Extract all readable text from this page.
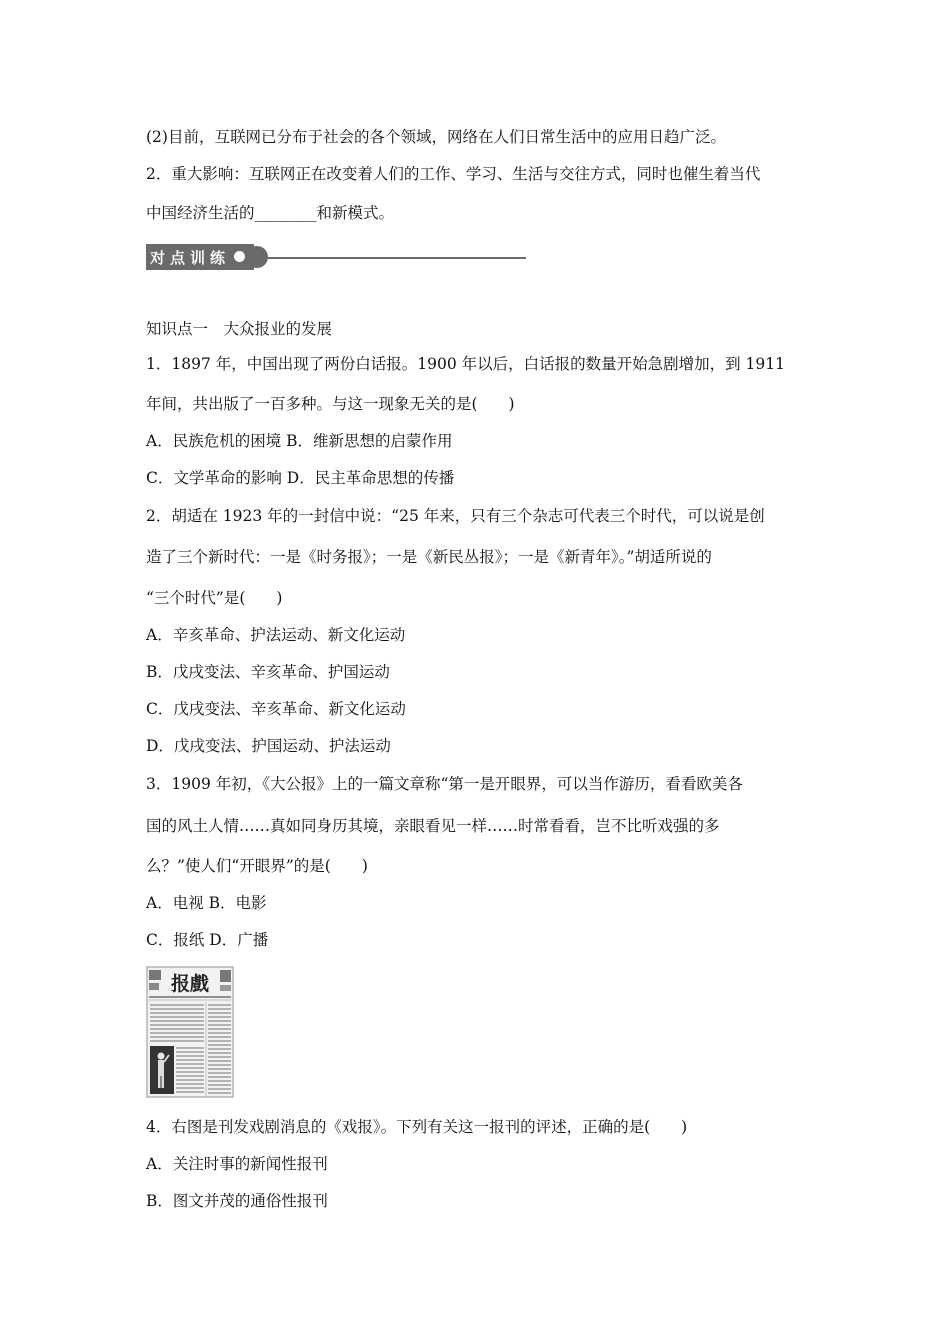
(2)目前，互联网已分布于社会的各个领域，网络在人们日常生活中的应用日趋广泛。
2．重大影响：互联网正在改变着人们的工作、学习、生活与交往方式，同时也催生着当代
中国经济生活的________和新模式。
对点训练
知识点一　大众报业的发展
1．1897 年，中国出现了两份白话报。1900 年以后，白话报的数量开始急剧增加，到 1911
年间，共出版了一百多种。与这一现象无关的是(　　)
A．民族危机的困境 B．维新思想的启蒙作用
C．文学革命的影响 D．民主革命思想的传播
2．胡适在 1923 年的一封信中说：“25 年来，只有三个杂志可代表三个时代，可以说是创
造了三个新时代：一是《时务报》；一是《新民丛报》；一是《新青年》。”胡适所说的
“三个时代”是(　　)
A．辛亥革命、护法运动、新文化运动
B．戊戌变法、辛亥革命、护国运动
C．戊戌变法、辛亥革命、新文化运动
D．戊戌变法、护国运动、护法运动
3．1909 年初，《大公报》上的一篇文章称“第一是开眼界，可以当作游历，看看欧美各
国的风土人情……真如同身历其境，亲眼看见一样……时常看看，岂不比听戏强的多
么？”使人们“开眼界”的是(　　)
A．电视 B．电影
C．报纸 D．广播
报戲
4．右图是刊发戏剧消息的《戏报》。下列有关这一报刊的评述，正确的是(　　)
A．关注时事的新闻性报刊
B．图文并茂的通俗性报刊
